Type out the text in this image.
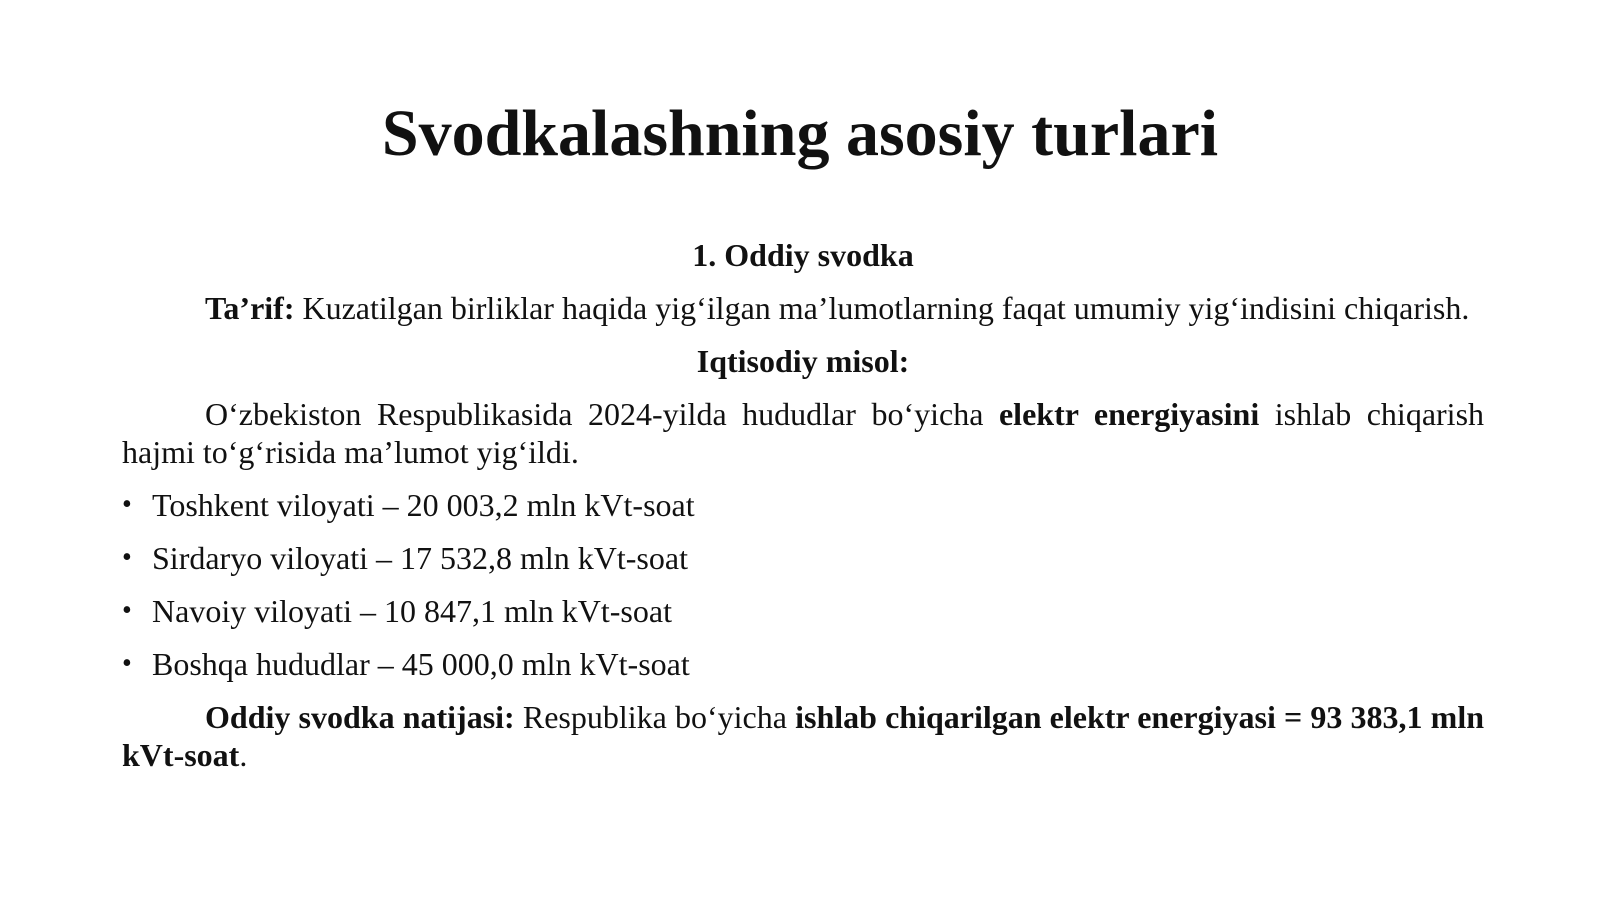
Svodkalashning asosiy turlari
1. Oddiy svodka

Ta’rif: Kuzatilgan birliklar haqida yig‘ilgan ma’lumotlarning faqat umumiy yig‘indisini chiqarish.

Iqtisodiy misol:

O‘zbekiston Respublikasida 2024-yilda hududlar bo‘yicha elektr energiyasini ishlab chiqarish hajmi to‘g‘risida ma’lumot yig‘ildi.

• Toshkent viloyati – 20 003,2 mln kVt-soat
• Sirdaryo viloyati – 17 532,8 mln kVt-soat
• Navoiy viloyati – 10 847,1 mln kVt-soat
• Boshqa hududlar – 45 000,0 mln kVt-soat

Oddiy svodka natijasi: Respublika bo‘yicha ishlab chiqarilgan elektr energiyasi = 93 383,1 mln kVt-soat.
